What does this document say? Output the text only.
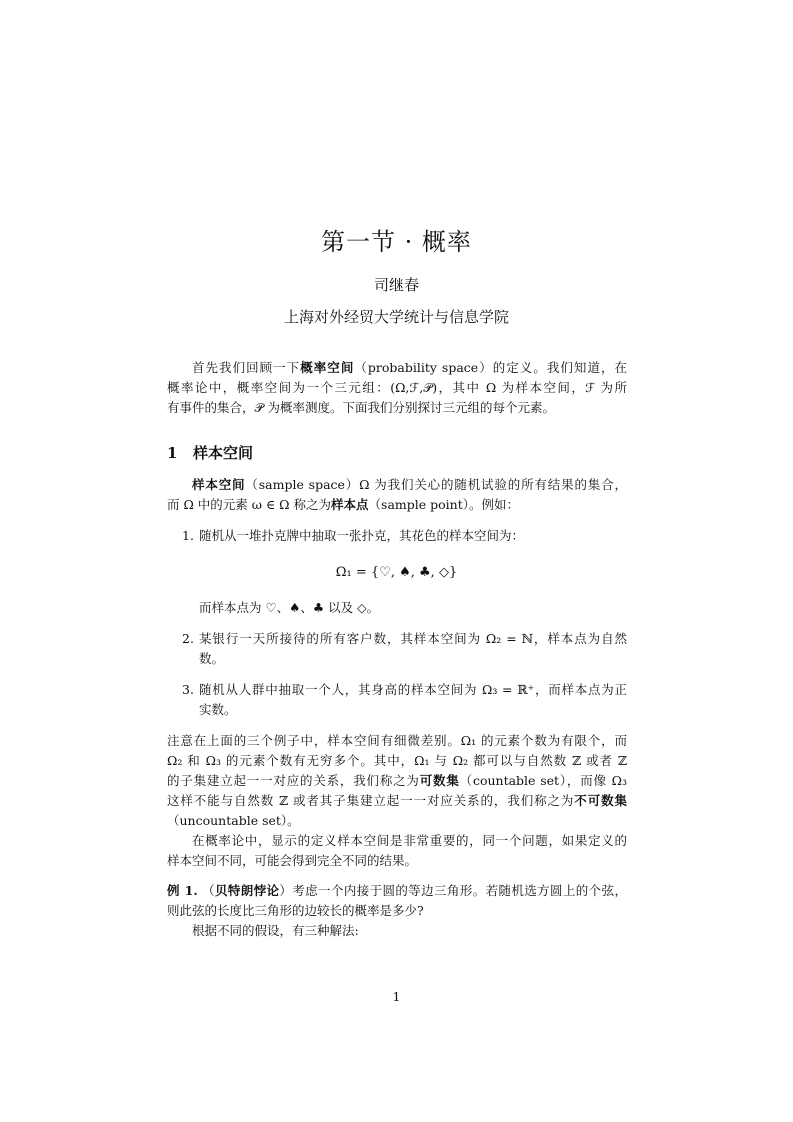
第一节 · 概率
司继春
上海对外经贸大学统计与信息学院
首先我们回顾一下概率空间（probability space）的定义。我们知道，在
概率论中，概率空间为一个三元组：(Ω,ℱ,𝒫)，其中 Ω 为样本空间，ℱ 为所
有事件的集合，𝒫 为概率测度。下面我们分别探讨三元组的每个元素。
1 样本空间
样本空间（sample space）Ω 为我们关心的随机试验的所有结果的集合，
而 Ω 中的元素 ω ∈ Ω 称之为样本点（sample point）。例如：
1. 随机从一堆扑克牌中抽取一张扑克，其花色的样本空间为：
Ω₁ = {♡, ♠, ♣, ◇}
而样本点为 ♡、♠、♣ 以及 ◇。
2. 某银行一天所接待的所有客户数，其样本空间为 Ω₂ = ℕ，样本点为自然
数。
3. 随机从人群中抽取一个人，其身高的样本空间为 Ω₃ = ℝ⁺，而样本点为正
实数。
注意在上面的三个例子中，样本空间有细微差别。Ω₁ 的元素个数为有限个，而
Ω₂ 和 Ω₃ 的元素个数有无穷多个。其中，Ω₁ 与 Ω₂ 都可以与自然数 ℤ 或者 ℤ
的子集建立起一一对应的关系，我们称之为可数集（countable set），而像 Ω₃
这样不能与自然数 ℤ 或者其子集建立起一一对应关系的，我们称之为不可数集
（uncountable set）。
在概率论中，显示的定义样本空间是非常重要的，同一个问题，如果定义的
样本空间不同，可能会得到完全不同的结果。
例 1. （贝特朗悖论）考虑一个内接于圆的等边三角形。若随机选方圆上的个弦，
则此弦的长度比三角形的边较长的概率是多少?
根据不同的假设，有三种解法:
1
